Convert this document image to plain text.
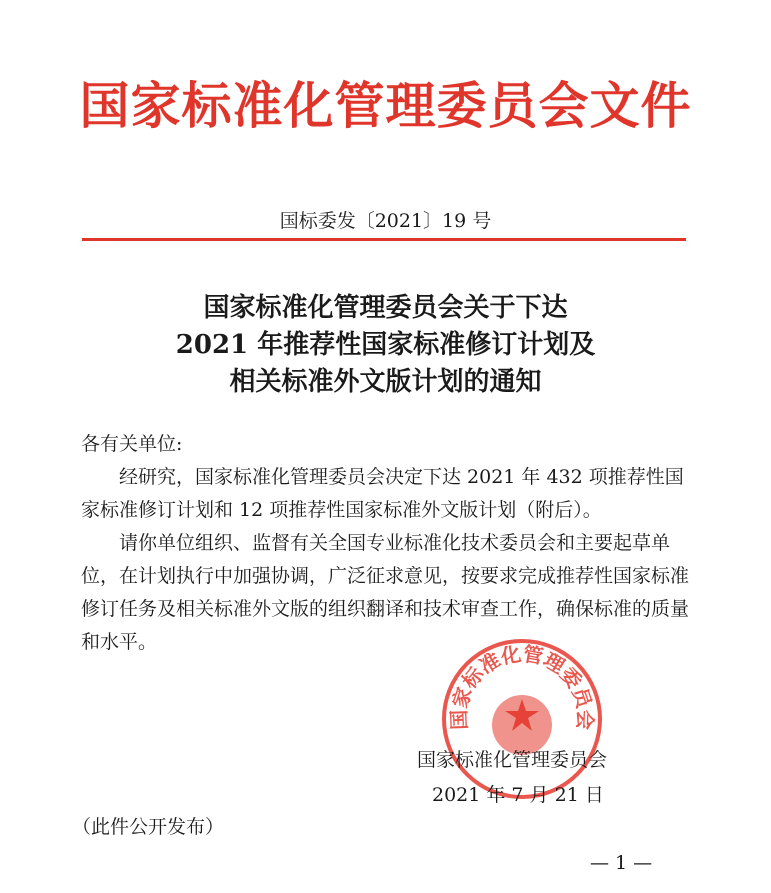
国家标准化管理委员会文件
国标委发〔2021〕19 号
国家标准化管理委员会关于下达
2021 年推荐性国家标准修订计划及
相关标准外文版计划的通知

各有关单位:

经研究，国家标准化管理委员会决定下达 2021 年 432 项推荐性国家标准修订计划和 12 项推荐性国家标准外文版计划（附后）。

请你单位组织、监督有关全国专业标准化技术委员会和主要起草单位，在计划执行中加强协调，广泛征求意见，按要求完成推荐性国家标准修订任务及相关标准外文版的组织翻译和技术审查工作，确保标准的质量和水平。

国家标准化管理委员会
国家标准化管理委员会
2021 年 7 月 21 日
（此件公开发布）
— 1 —
